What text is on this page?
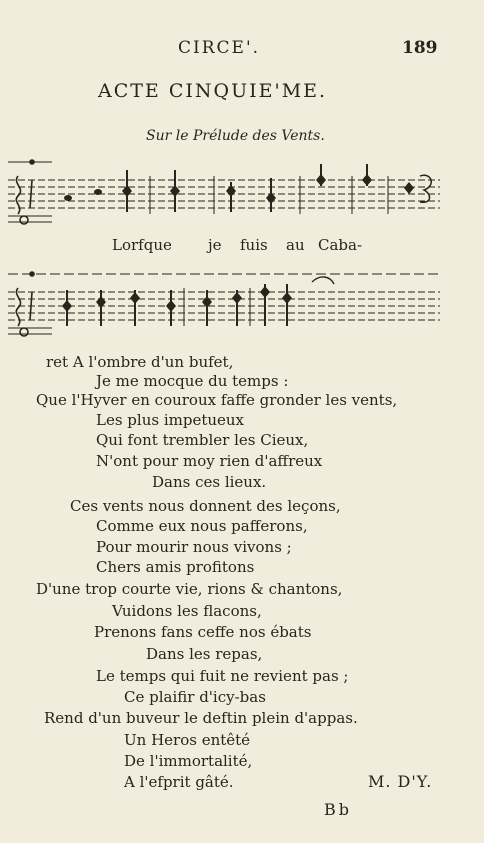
CIRCE'.	189
ACTE CINQUIE'ME.
Sur le Prélude des Vents.
Lorfque je fuis au Caba-
ret A l'ombre d'un bufet,
Je me mocque du temps :
Que l'Hyver en couroux faffe gronder les vents,
Les plus impetueux
Qui font trembler les Cieux,
N'ont pour moy rien d'affreux
Dans ces lieux.
Ces vents nous donnent des leçons,
Comme eux nous pafferons,
Pour mourir nous vivons ;
Chers amis profitons
D'une trop courte vie, rions & chantons,
Vuidons les flacons,
Prenons fans ceffe nos ébats
Dans les repas,
Le temps qui fuit ne revient pas ;
Ce plaifir d'icy-bas
Rend d'un buveur le deftin plein d'appas.
Un Heros entêté
De l'immortalité,
A l'efprit gâté.	M. D'Y.
Bb
